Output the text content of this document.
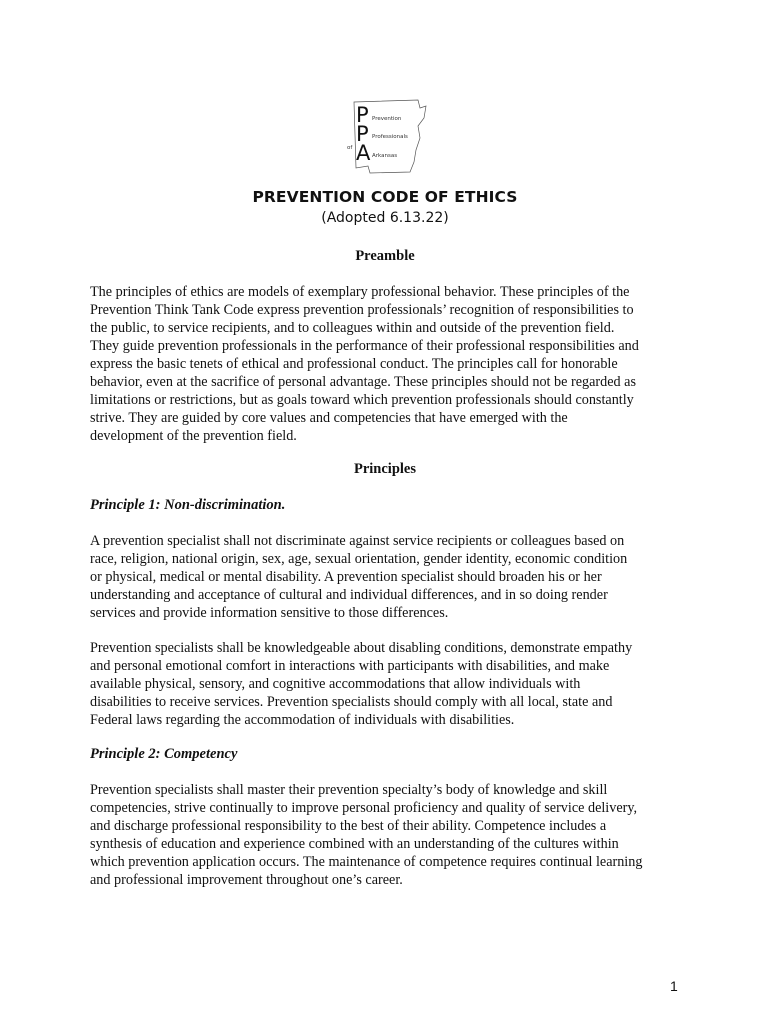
P
P
A
Prevention
Professionals
of
Arkansas
PREVENTION CODE OF ETHICS
(Adopted 6.13.22)
Preamble
The principles of ethics are models of exemplary professional behavior. These principles of the
Prevention Think Tank Code express prevention professionals’ recognition of responsibilities to
the public, to service recipients, and to colleagues within and outside of the prevention field.
They guide prevention professionals in the performance of their professional responsibilities and
express the basic tenets of ethical and professional conduct. The principles call for honorable
behavior, even at the sacrifice of personal advantage. These principles should not be regarded as
limitations or restrictions, but as goals toward which prevention professionals should constantly
strive. They are guided by core values and competencies that have emerged with the
development of the prevention field.
Principles
Principle 1: Non-discrimination.
A prevention specialist shall not discriminate against service recipients or colleagues based on
race, religion, national origin, sex, age, sexual orientation, gender identity, economic condition
or physical, medical or mental disability. A prevention specialist should broaden his or her
understanding and acceptance of cultural and individual differences, and in so doing render
services and provide information sensitive to those differences.
Prevention specialists shall be knowledgeable about disabling conditions, demonstrate empathy
and personal emotional comfort in interactions with participants with disabilities, and make
available physical, sensory, and cognitive accommodations that allow individuals with
disabilities to receive services. Prevention specialists should comply with all local, state and
Federal laws regarding the accommodation of individuals with disabilities.
Principle 2: Competency
Prevention specialists shall master their prevention specialty’s body of knowledge and skill
competencies, strive continually to improve personal proficiency and quality of service delivery,
and discharge professional responsibility to the best of their ability. Competence includes a
synthesis of education and experience combined with an understanding of the cultures within
which prevention application occurs. The maintenance of competence requires continual learning
and professional improvement throughout one’s career.
1
